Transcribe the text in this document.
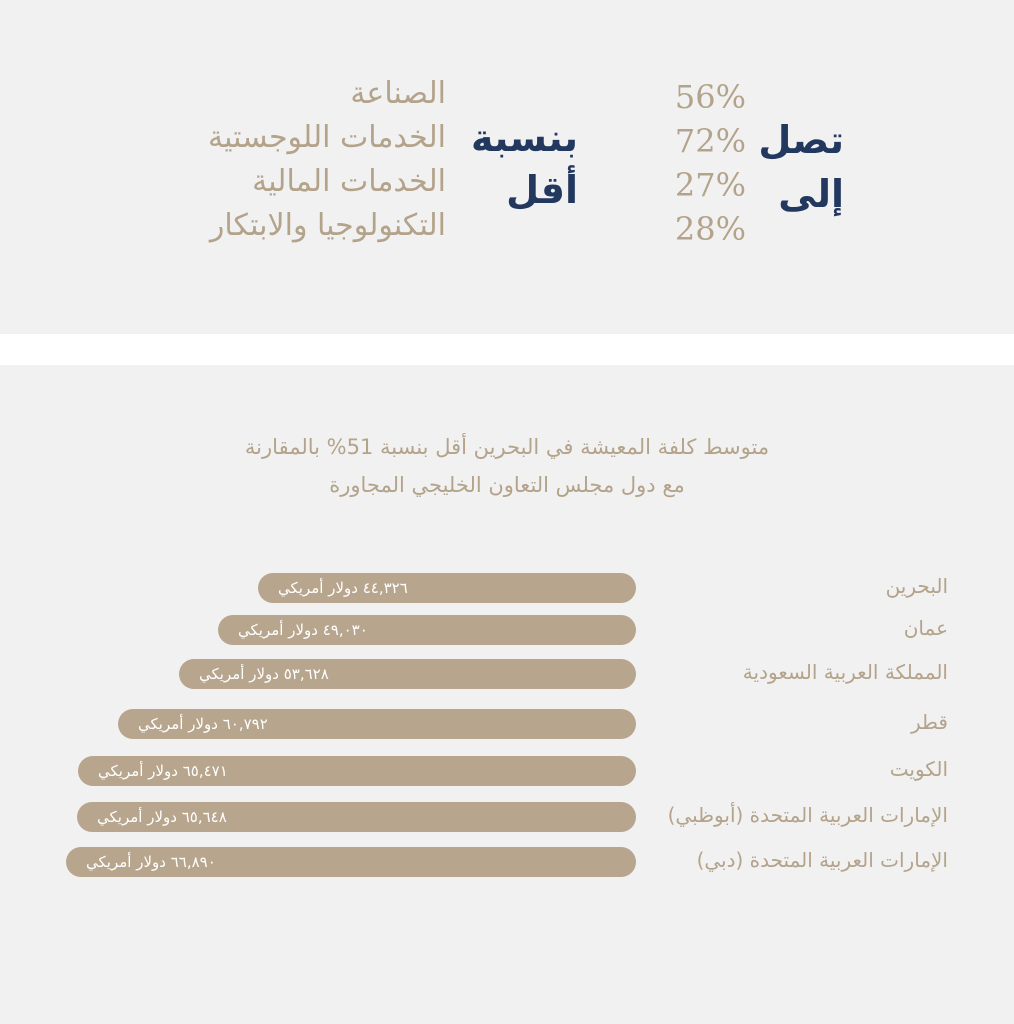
تصل
إلى
56%
72%
27%
28%
بنسبة
أقل
الصناعة
الخدمات اللوجستية
الخدمات المالية
التكنولوجيا والابتكار
متوسط كلفة المعيشة في البحرين أقل بنسبة 51% بالمقارنة
مع دول مجلس التعاون الخليجي المجاورة
٤٤,٣٢٦ دولار أمريكي	البحرين
٤٩,٠٣٠ دولار أمريكي	عمان
٥٣,٦٢٨ دولار أمريكي	المملكة العربية السعودية
٦٠,٧٩٢ دولار أمريكي	قطر
٦٥,٤٧١ دولار أمريكي	الكويت
٦٥,٦٤٨ دولار أمريكي	الإمارات العربية المتحدة (أبوظبي)
٦٦,٨٩٠ دولار أمريكي	الإمارات العربية المتحدة (دبي)
